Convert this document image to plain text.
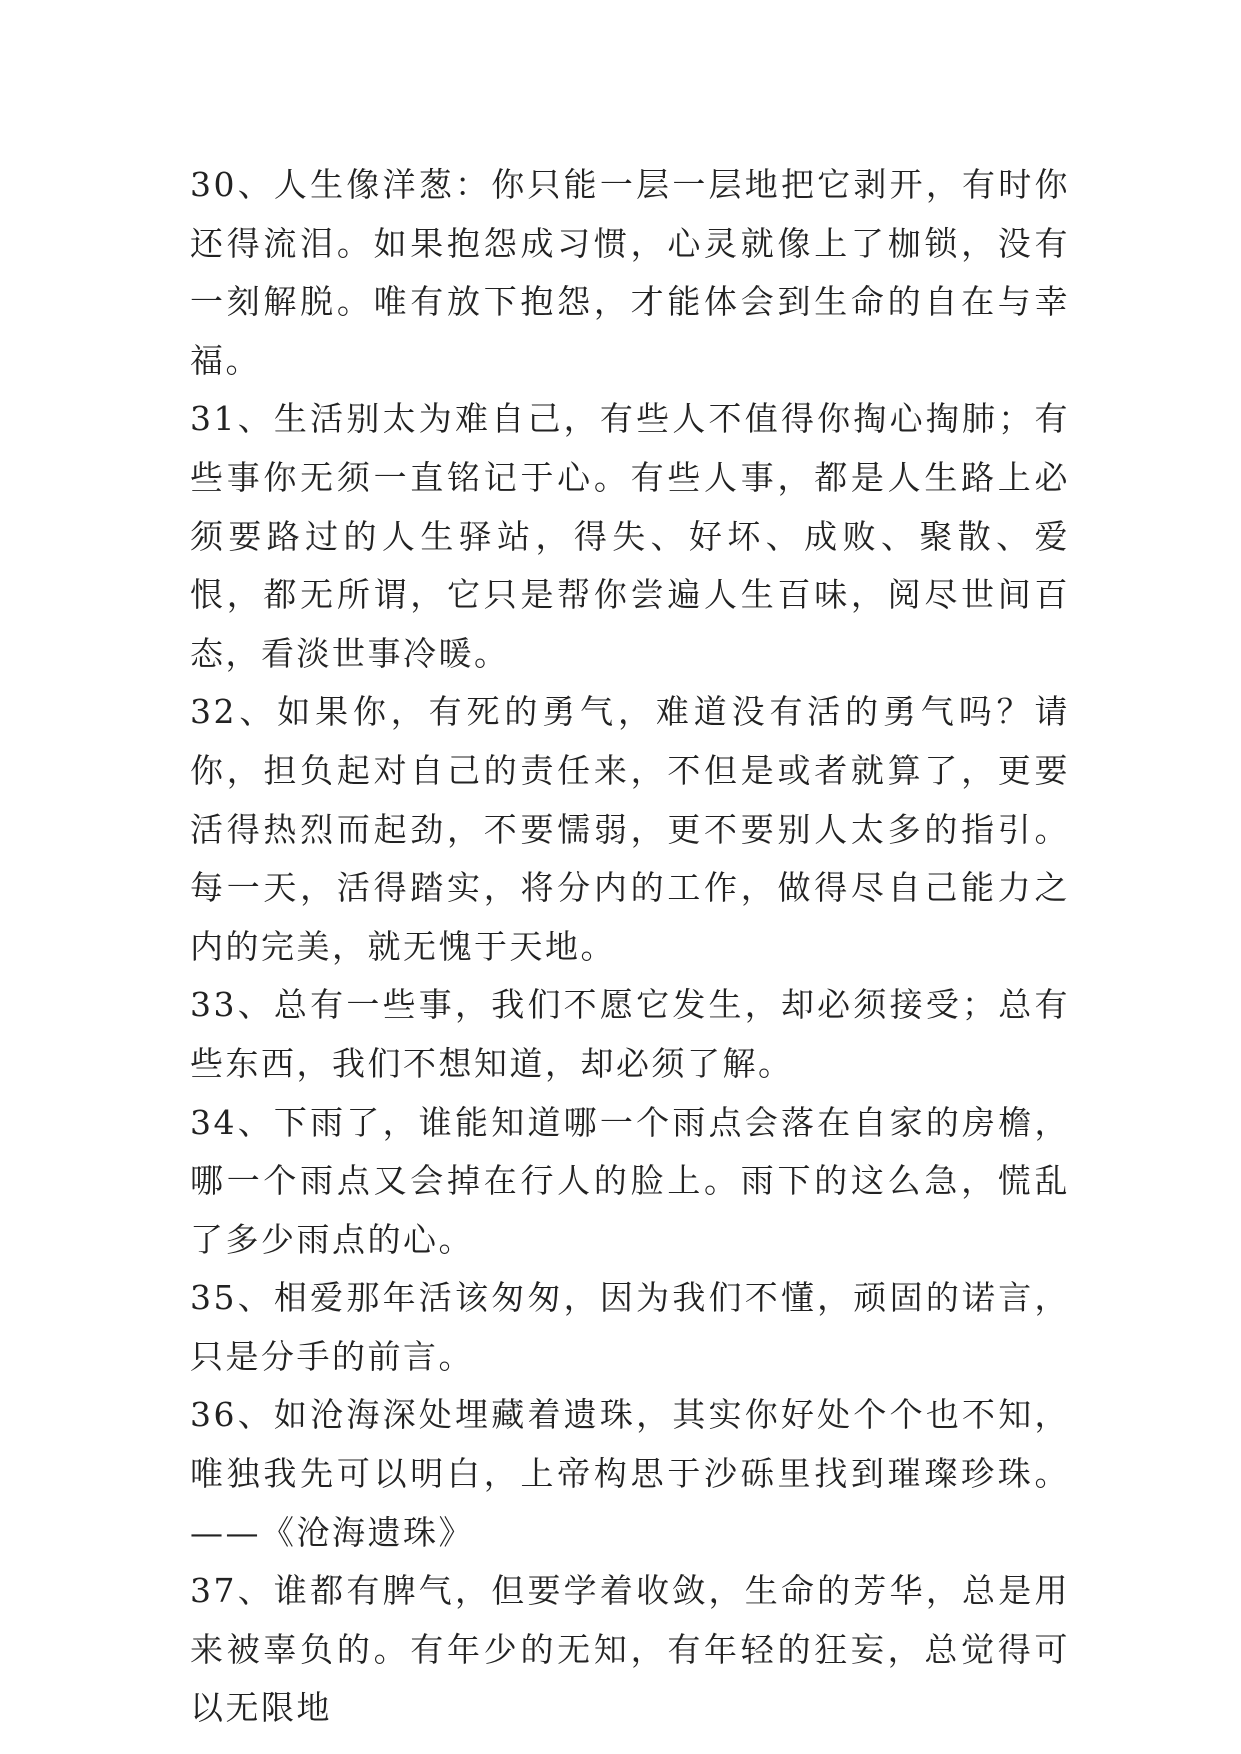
30、人生像洋葱：你只能一层一层地把它剥开，有时你还得流泪。如果抱怨成习惯，心灵就像上了枷锁，没有一刻解脱。唯有放下抱怨，才能体会到生命的自在与幸福。

31、生活别太为难自己，有些人不值得你掏心掏肺；有些事你无须一直铭记于心。有些人事，都是人生路上必须要路过的人生驿站，得失、好坏、成败、聚散、爱恨，都无所谓，它只是帮你尝遍人生百味，阅尽世间百态，看淡世事冷暖。

32、如果你，有死的勇气，难道没有活的勇气吗？请你，担负起对自己的责任来，不但是或者就算了，更要活得热烈而起劲，不要懦弱，更不要别人太多的指引。每一天，活得踏实，将分内的工作，做得尽自己能力之内的完美，就无愧于天地。

33、总有一些事，我们不愿它发生，却必须接受；总有些东西，我们不想知道，却必须了解。

34、下雨了，谁能知道哪一个雨点会落在自家的房檐，哪一个雨点又会掉在行人的脸上。雨下的这么急，慌乱了多少雨点的心。

35、相爱那年活该匆匆，因为我们不懂，顽固的诺言，只是分手的前言。

36、如沧海深处埋藏着遗珠，其实你好处个个也不知，唯独我先可以明白，上帝构思于沙砾里找到璀璨珍珠。——《沧海遗珠》

37、谁都有脾气，但要学着收敛，生命的芳华，总是用来被辜负的。有年少的无知，有年轻的狂妄，总觉得可以无限地
